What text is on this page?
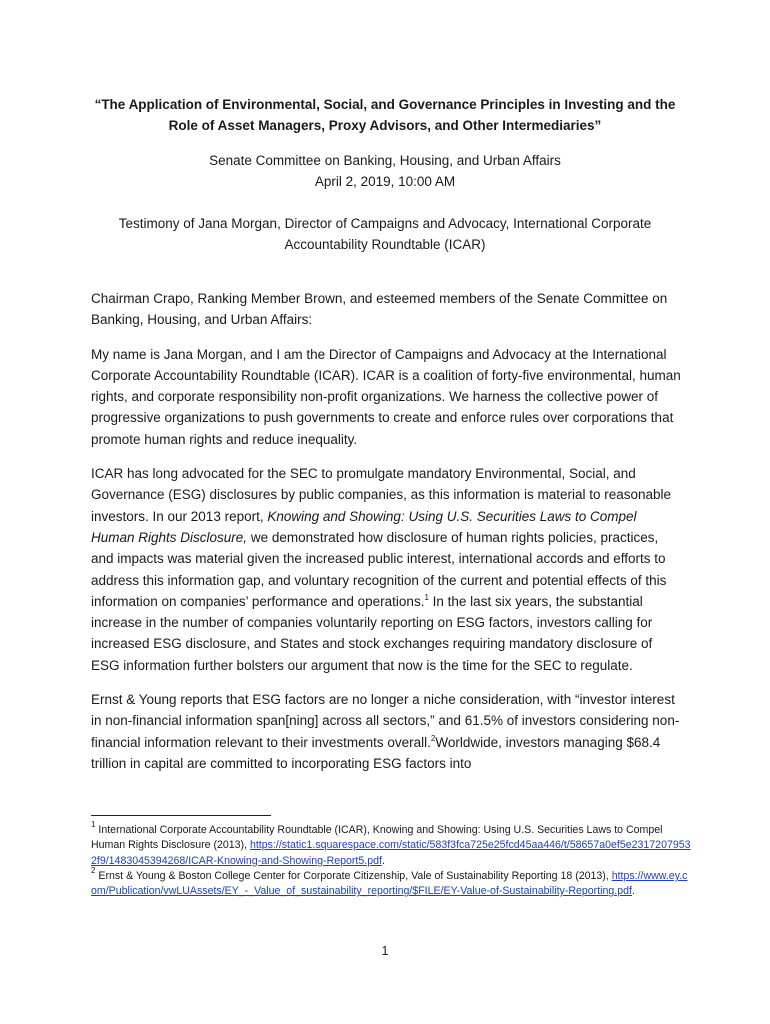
“The Application of Environmental, Social, and Governance Principles in Investing and the
Role of Asset Managers, Proxy Advisors, and Other Intermediaries”
Senate Committee on Banking, Housing, and Urban Affairs
April 2, 2019, 10:00 AM
Testimony of Jana Morgan, Director of Campaigns and Advocacy, International Corporate
Accountability Roundtable (ICAR)

Chairman Crapo, Ranking Member Brown, and esteemed members of the Senate Committee on Banking, Housing, and Urban Affairs:

My name is Jana Morgan, and I am the Director of Campaigns and Advocacy at the International Corporate Accountability Roundtable (ICAR). ICAR is a coalition of forty-five environmental, human rights, and corporate responsibility non-profit organizations. We harness the collective power of progressive organizations to push governments to create and enforce rules over corporations that promote human rights and reduce inequality.

ICAR has long advocated for the SEC to promulgate mandatory Environmental, Social, and Governance (ESG) disclosures by public companies, as this information is material to reasonable investors. In our 2013 report, Knowing and Showing: Using U.S. Securities Laws to Compel Human Rights Disclosure, we demonstrated how disclosure of human rights policies, practices, and impacts was material given the increased public interest, international accords and efforts to address this information gap, and voluntary recognition of the current and potential effects of this information on companies’ performance and operations.$^1$ In the last six years, the substantial increase in the number of companies voluntarily reporting on ESG factors, investors calling for increased ESG disclosure, and States and stock exchanges requiring mandatory disclosure of ESG information further bolsters our argument that now is the time for the SEC to regulate.

Ernst & Young reports that ESG factors are no longer a niche consideration, with “investor interest in non-financial information span[ning] across all sectors,” and 61.5% of investors considering non-financial information relevant to their investments overall.$^2$Worldwide, investors managing $68.4 trillion in capital are committed to incorporating ESG factors into

$^1$ International Corporate Accountability Roundtable (ICAR), Knowing and Showing: Using U.S. Securities Laws to Compel Human Rights Disclosure (2013), https://static1.squarespace.com/static/583f3fca725e25fcd45aa446/t/58657a0ef5e23172079532f9/1483045394268/ICAR-Knowing-and-Showing-Report5.pdf.

$^2$ Ernst & Young & Boston College Center for Corporate Citizenship, Vale of Sustainability Reporting 18 (2013), https://www.ey.com/Publication/vwLUAssets/EY_-_Value_of_sustainability_reporting/$FILE/EY-Value-of-Sustainability-Reporting.pdf.

1
